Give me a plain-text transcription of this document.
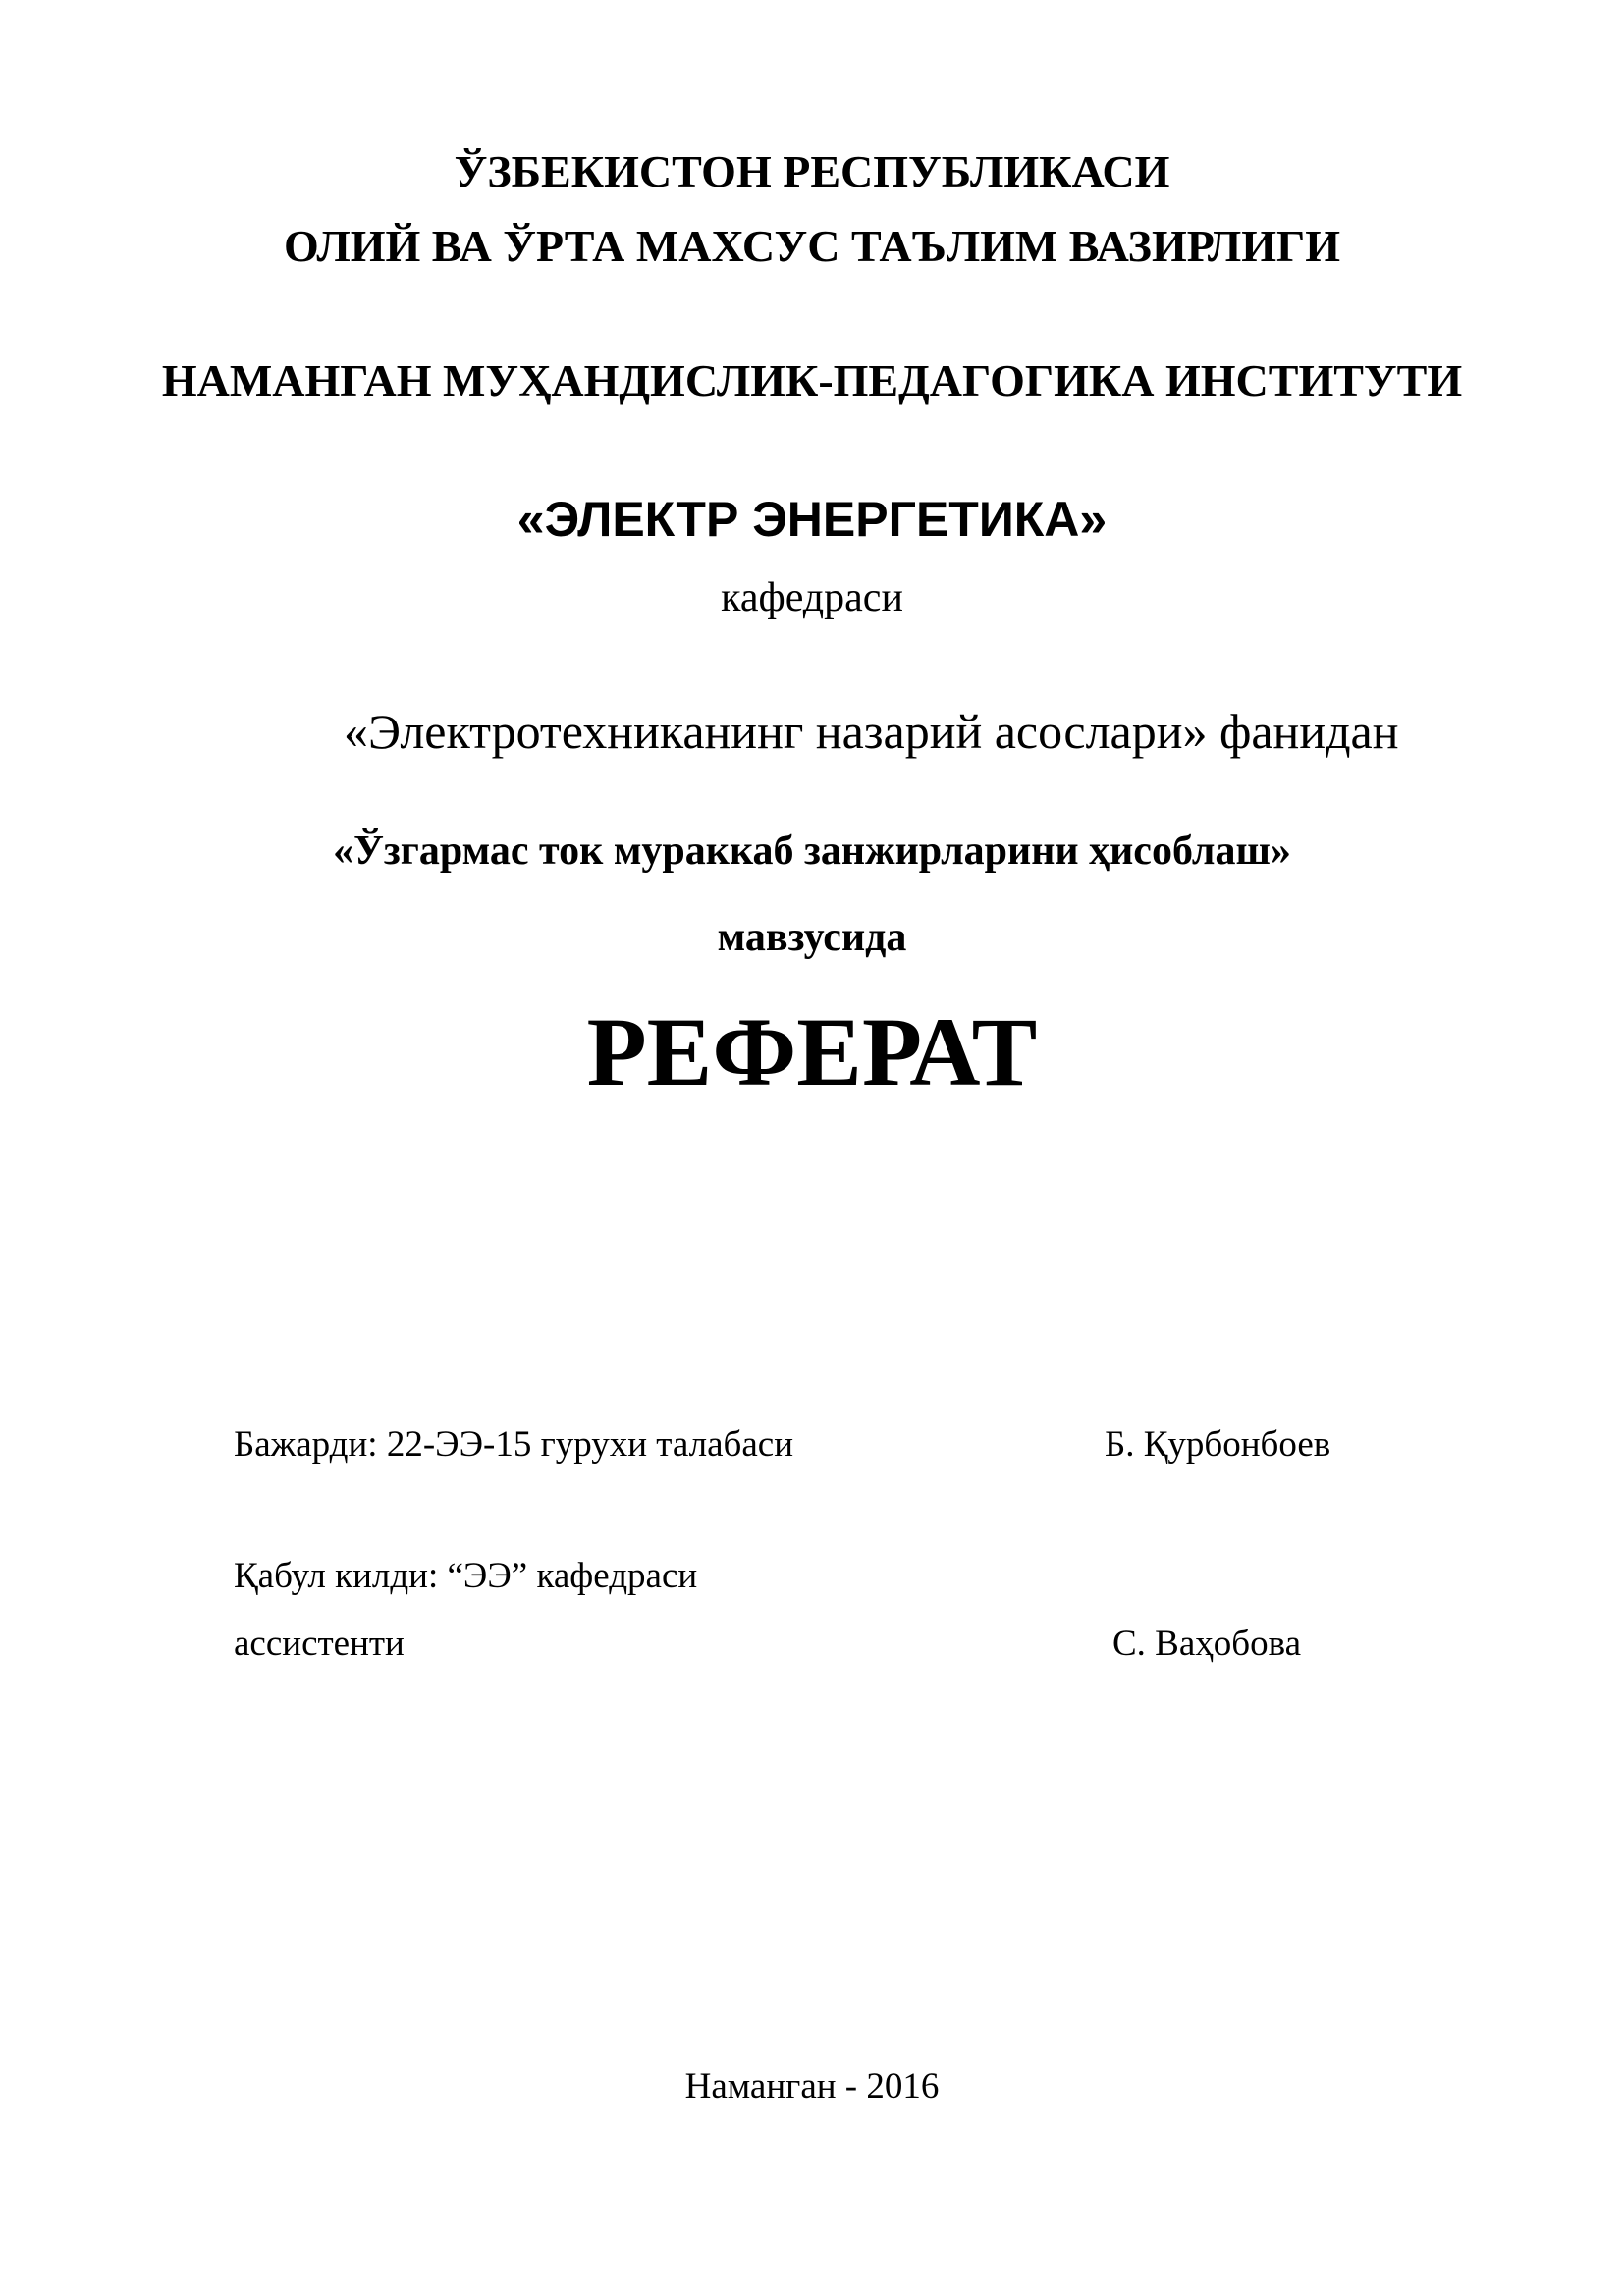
ЎЗБЕКИСТОН РЕСПУБЛИКАСИ
ОЛИЙ ВА ЎРТА МАХСУС ТАЪЛИМ ВАЗИРЛИГИ
НАМАНГАН МУҲАНДИСЛИК-ПЕДАГОГИКА ИНСТИТУТИ
«ЭЛЕКТР ЭНЕРГЕТИКА»
кафедраси
«Электротехниканинг назарий асослари» фанидан
«Ўзгармас ток мураккаб занжирларини ҳисоблаш»
мавзусида
РЕФЕРАТ
Бажарди: 22-ЭЭ-15 гурухи талабаси	Б. Қурбонбоев
Қабул килди: “ЭЭ” кафедраси
ассистенти	С. Ваҳобова
Наманган - 2016
